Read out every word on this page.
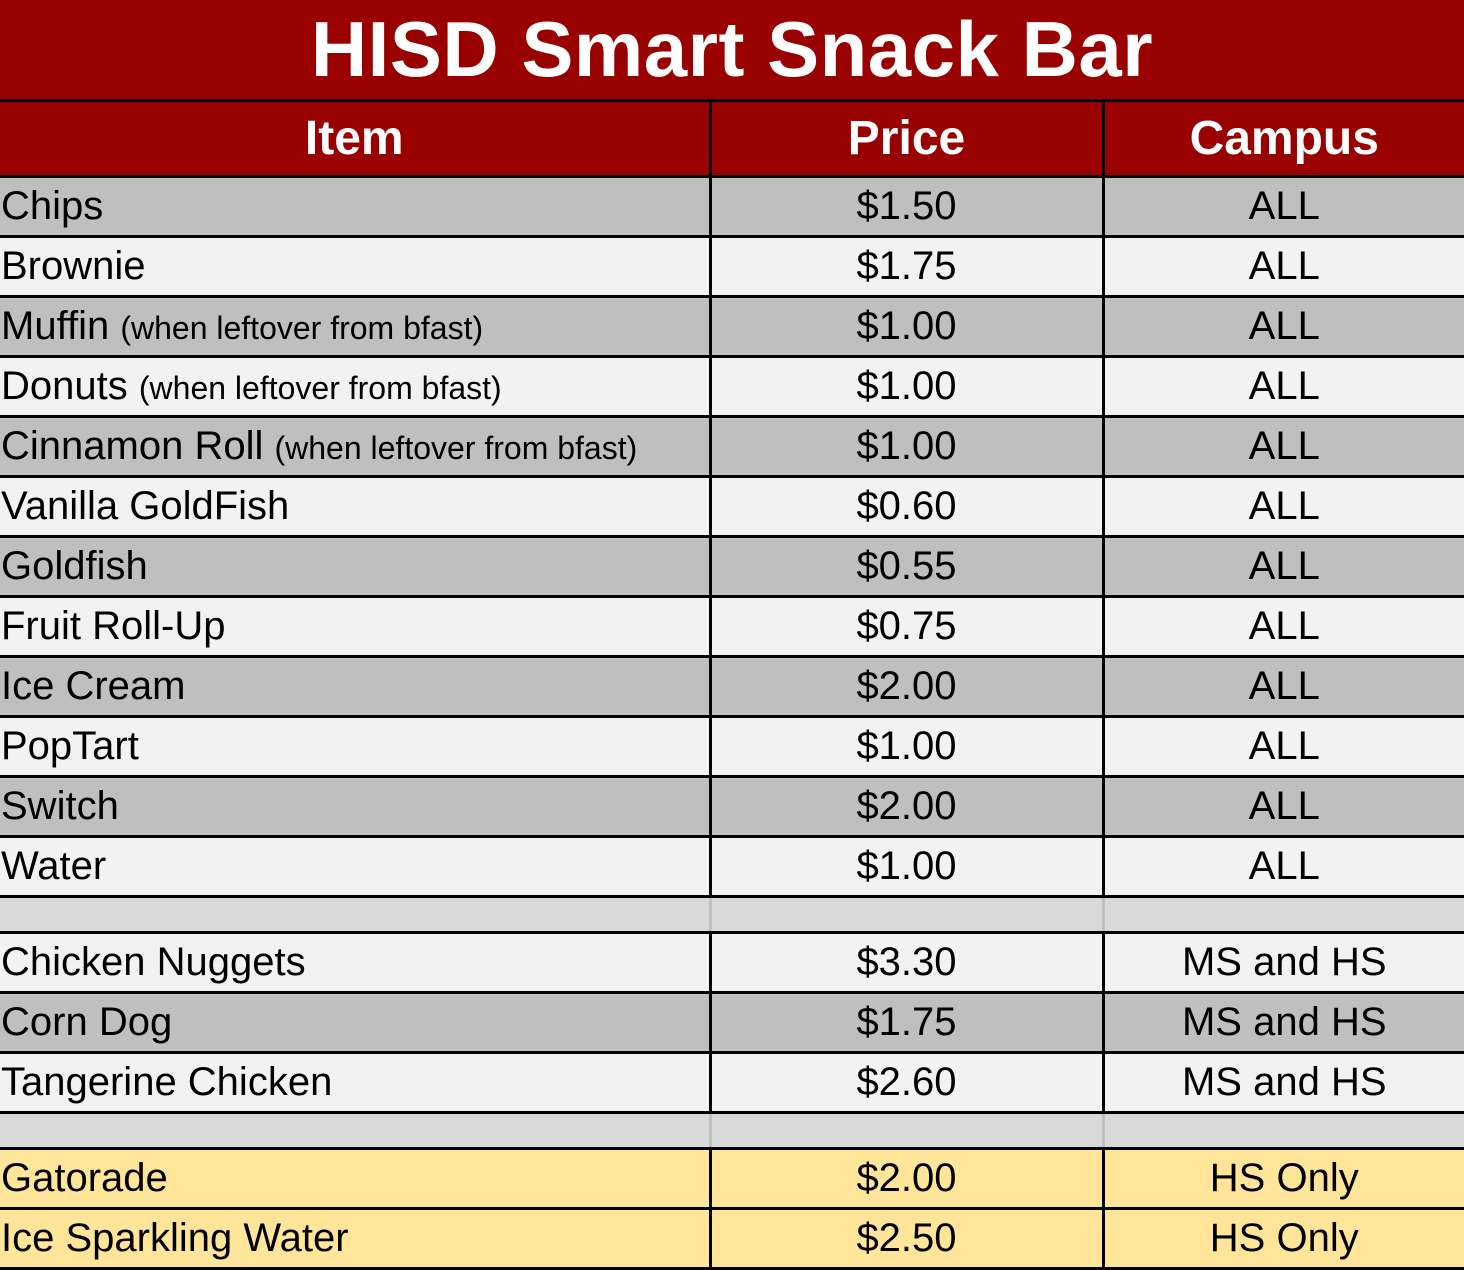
HISD Smart Snack Bar
Item	Price	Campus
Chips	$1.50	ALL
Brownie	$1.75	ALL
Muffin (when leftover from bfast)	$1.00	ALL
Donuts (when leftover from bfast)	$1.00	ALL
Cinnamon Roll (when leftover from bfast)	$1.00	ALL
Vanilla GoldFish	$0.60	ALL
Goldfish	$0.55	ALL
Fruit Roll-Up	$0.75	ALL
Ice Cream	$2.00	ALL
PopTart	$1.00	ALL
Switch	$2.00	ALL
Water	$1.00	ALL

Chicken Nuggets	$3.30	MS and HS
Corn Dog	$1.75	MS and HS
Tangerine Chicken	$2.60	MS and HS

Gatorade	$2.00	HS Only
Ice Sparkling Water	$2.50	HS Only
